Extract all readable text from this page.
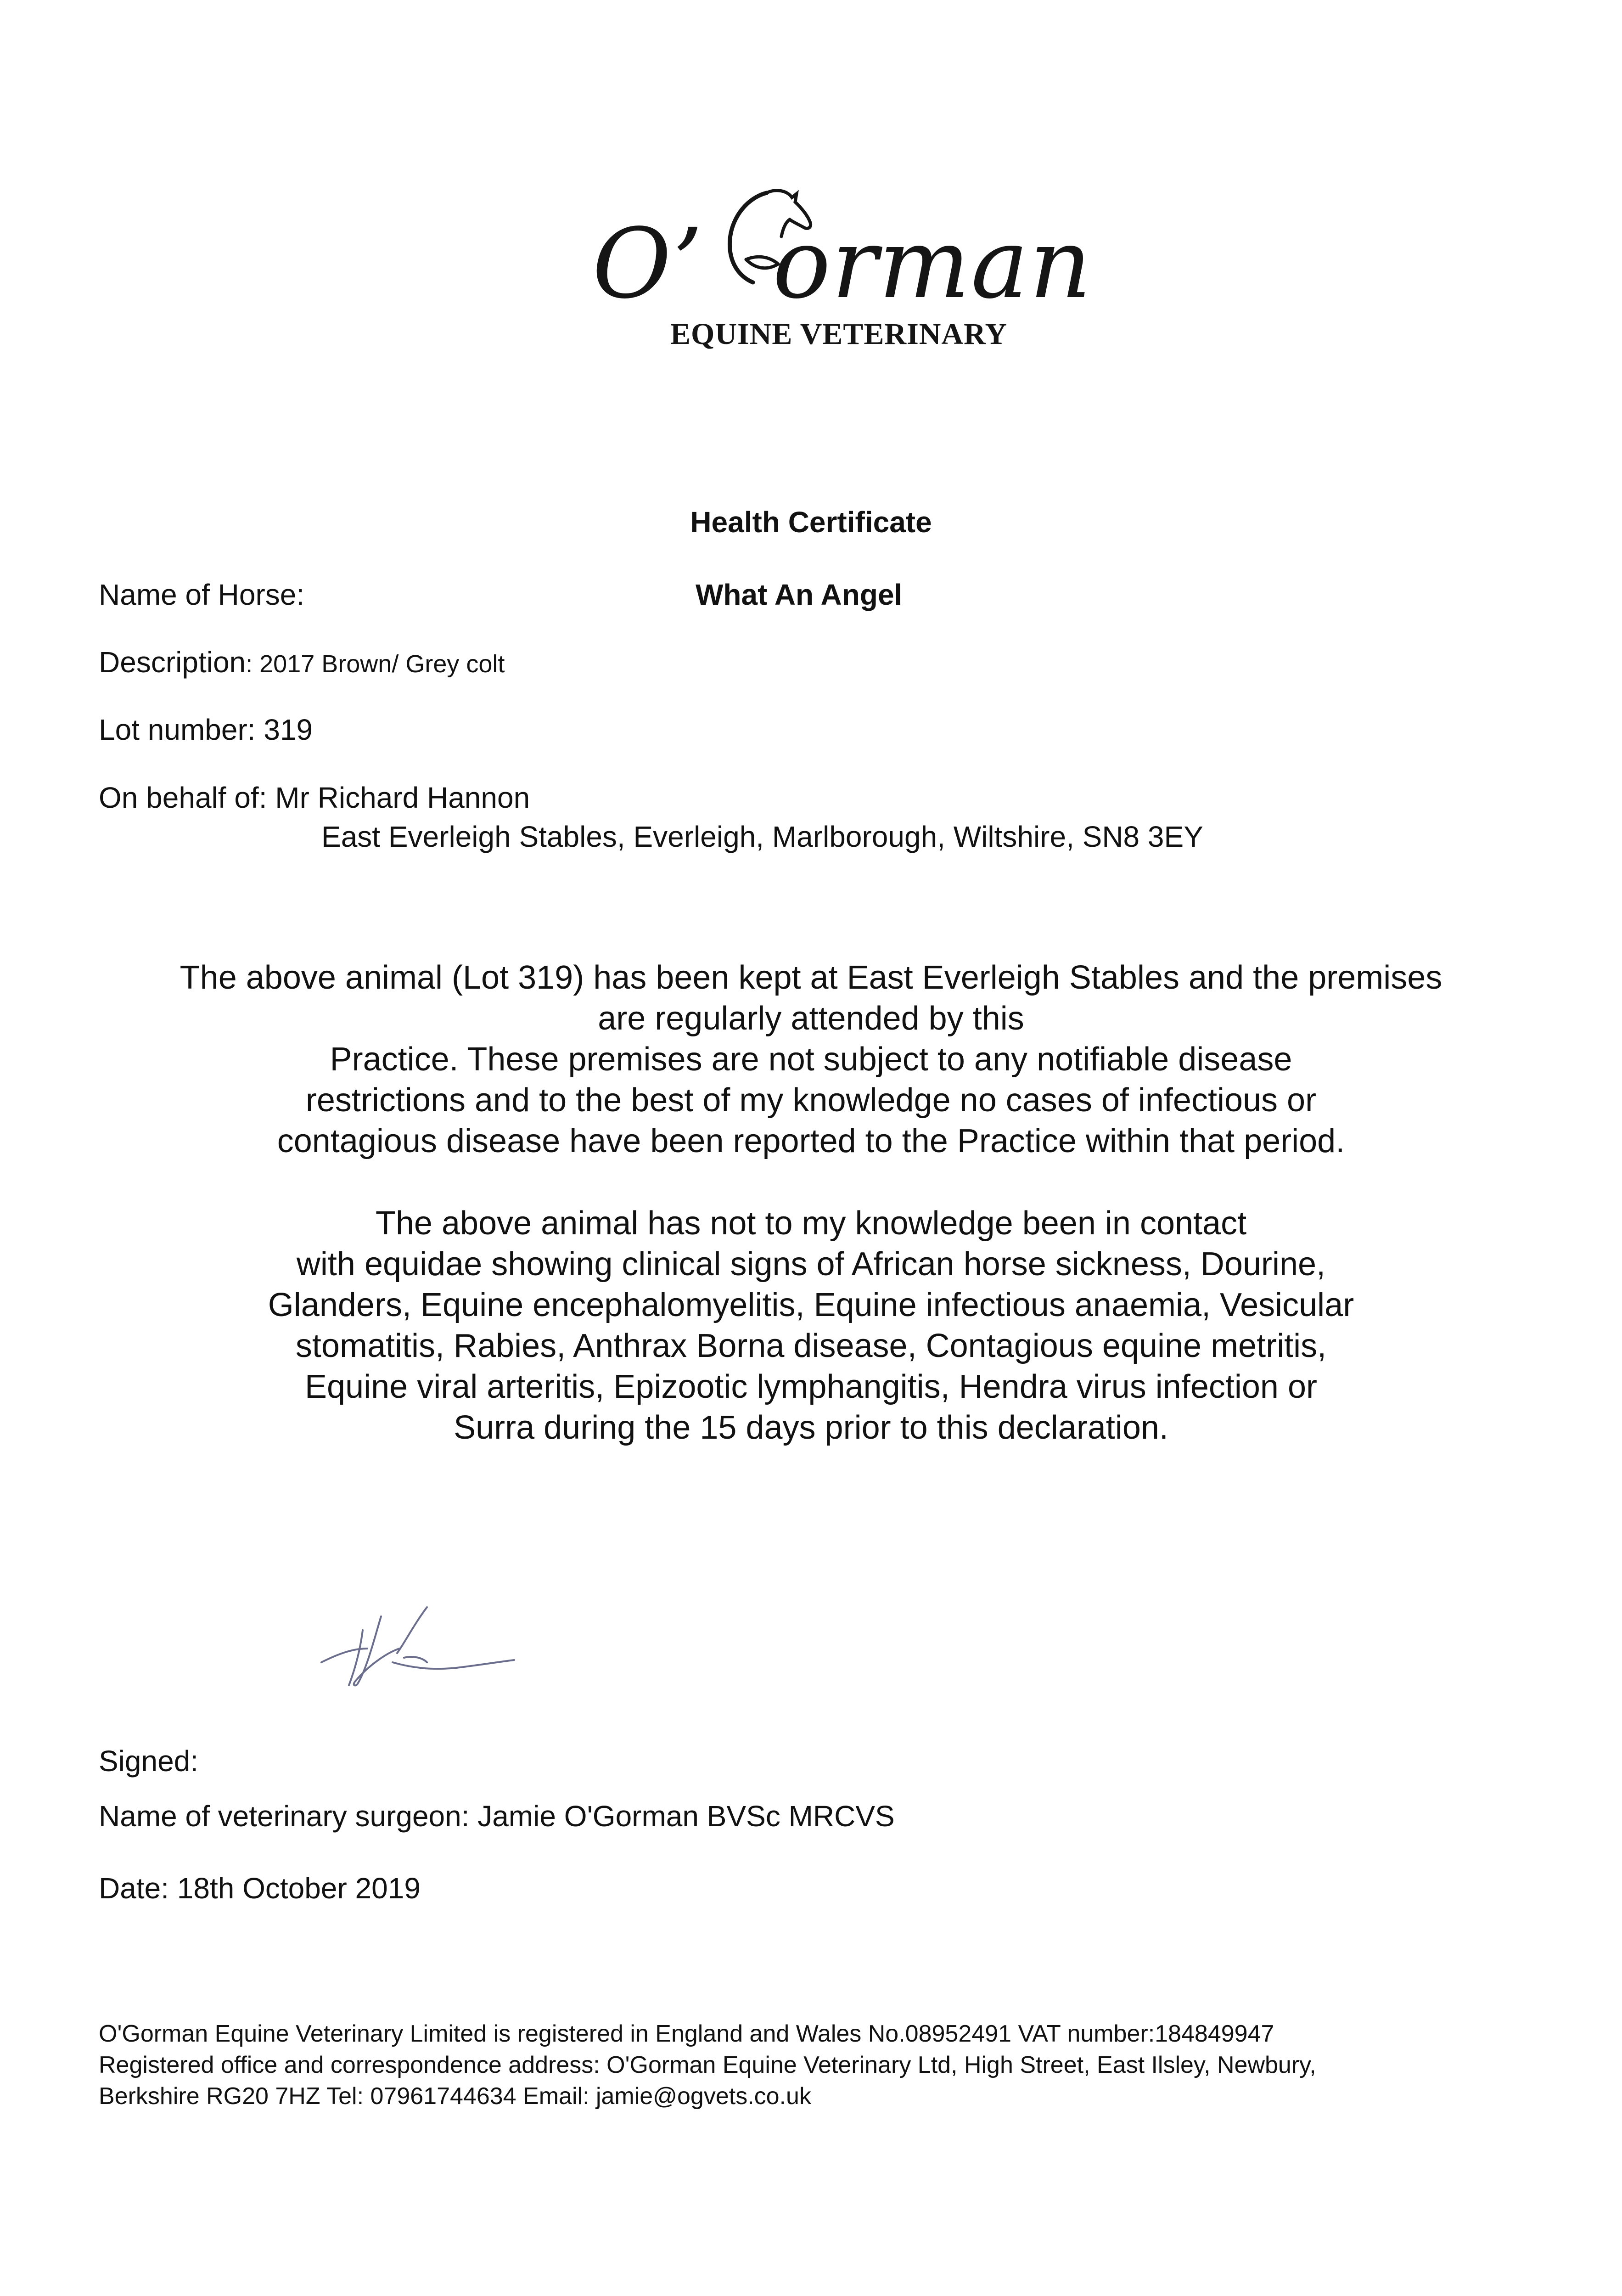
O’ orman
EQUINE VETERINARY
Health Certificate
Name of Horse:	What An Angel
Description: 2017 Brown/ Grey colt
Lot number: 319
On behalf of: Mr Richard Hannon
East Everleigh Stables, Everleigh, Marlborough, Wiltshire, SN8 3EY
The above animal (Lot 319) has been kept at East Everleigh Stables and the premises
are regularly attended by this
Practice. These premises are not subject to any notifiable disease
restrictions and to the best of my knowledge no cases of infectious or
contagious disease have been reported to the Practice within that period.
The above animal has not to my knowledge been in contact
with equidae showing clinical signs of African horse sickness, Dourine,
Glanders, Equine encephalomyelitis, Equine infectious anaemia, Vesicular
stomatitis, Rabies, Anthrax Borna disease, Contagious equine metritis,
Equine viral arteritis, Epizootic lymphangitis, Hendra virus infection or
Surra during the 15 days prior to this declaration.
Signed:
Name of veterinary surgeon: Jamie O'Gorman BVSc MRCVS
Date: 18th October 2019
O'Gorman Equine Veterinary Limited is registered in England and Wales No.08952491 VAT number:184849947
Registered office and correspondence address: O'Gorman Equine Veterinary Ltd, High Street, East Ilsley, Newbury,
Berkshire RG20 7HZ Tel: 07961744634 Email: jamie@ogvets.co.uk
